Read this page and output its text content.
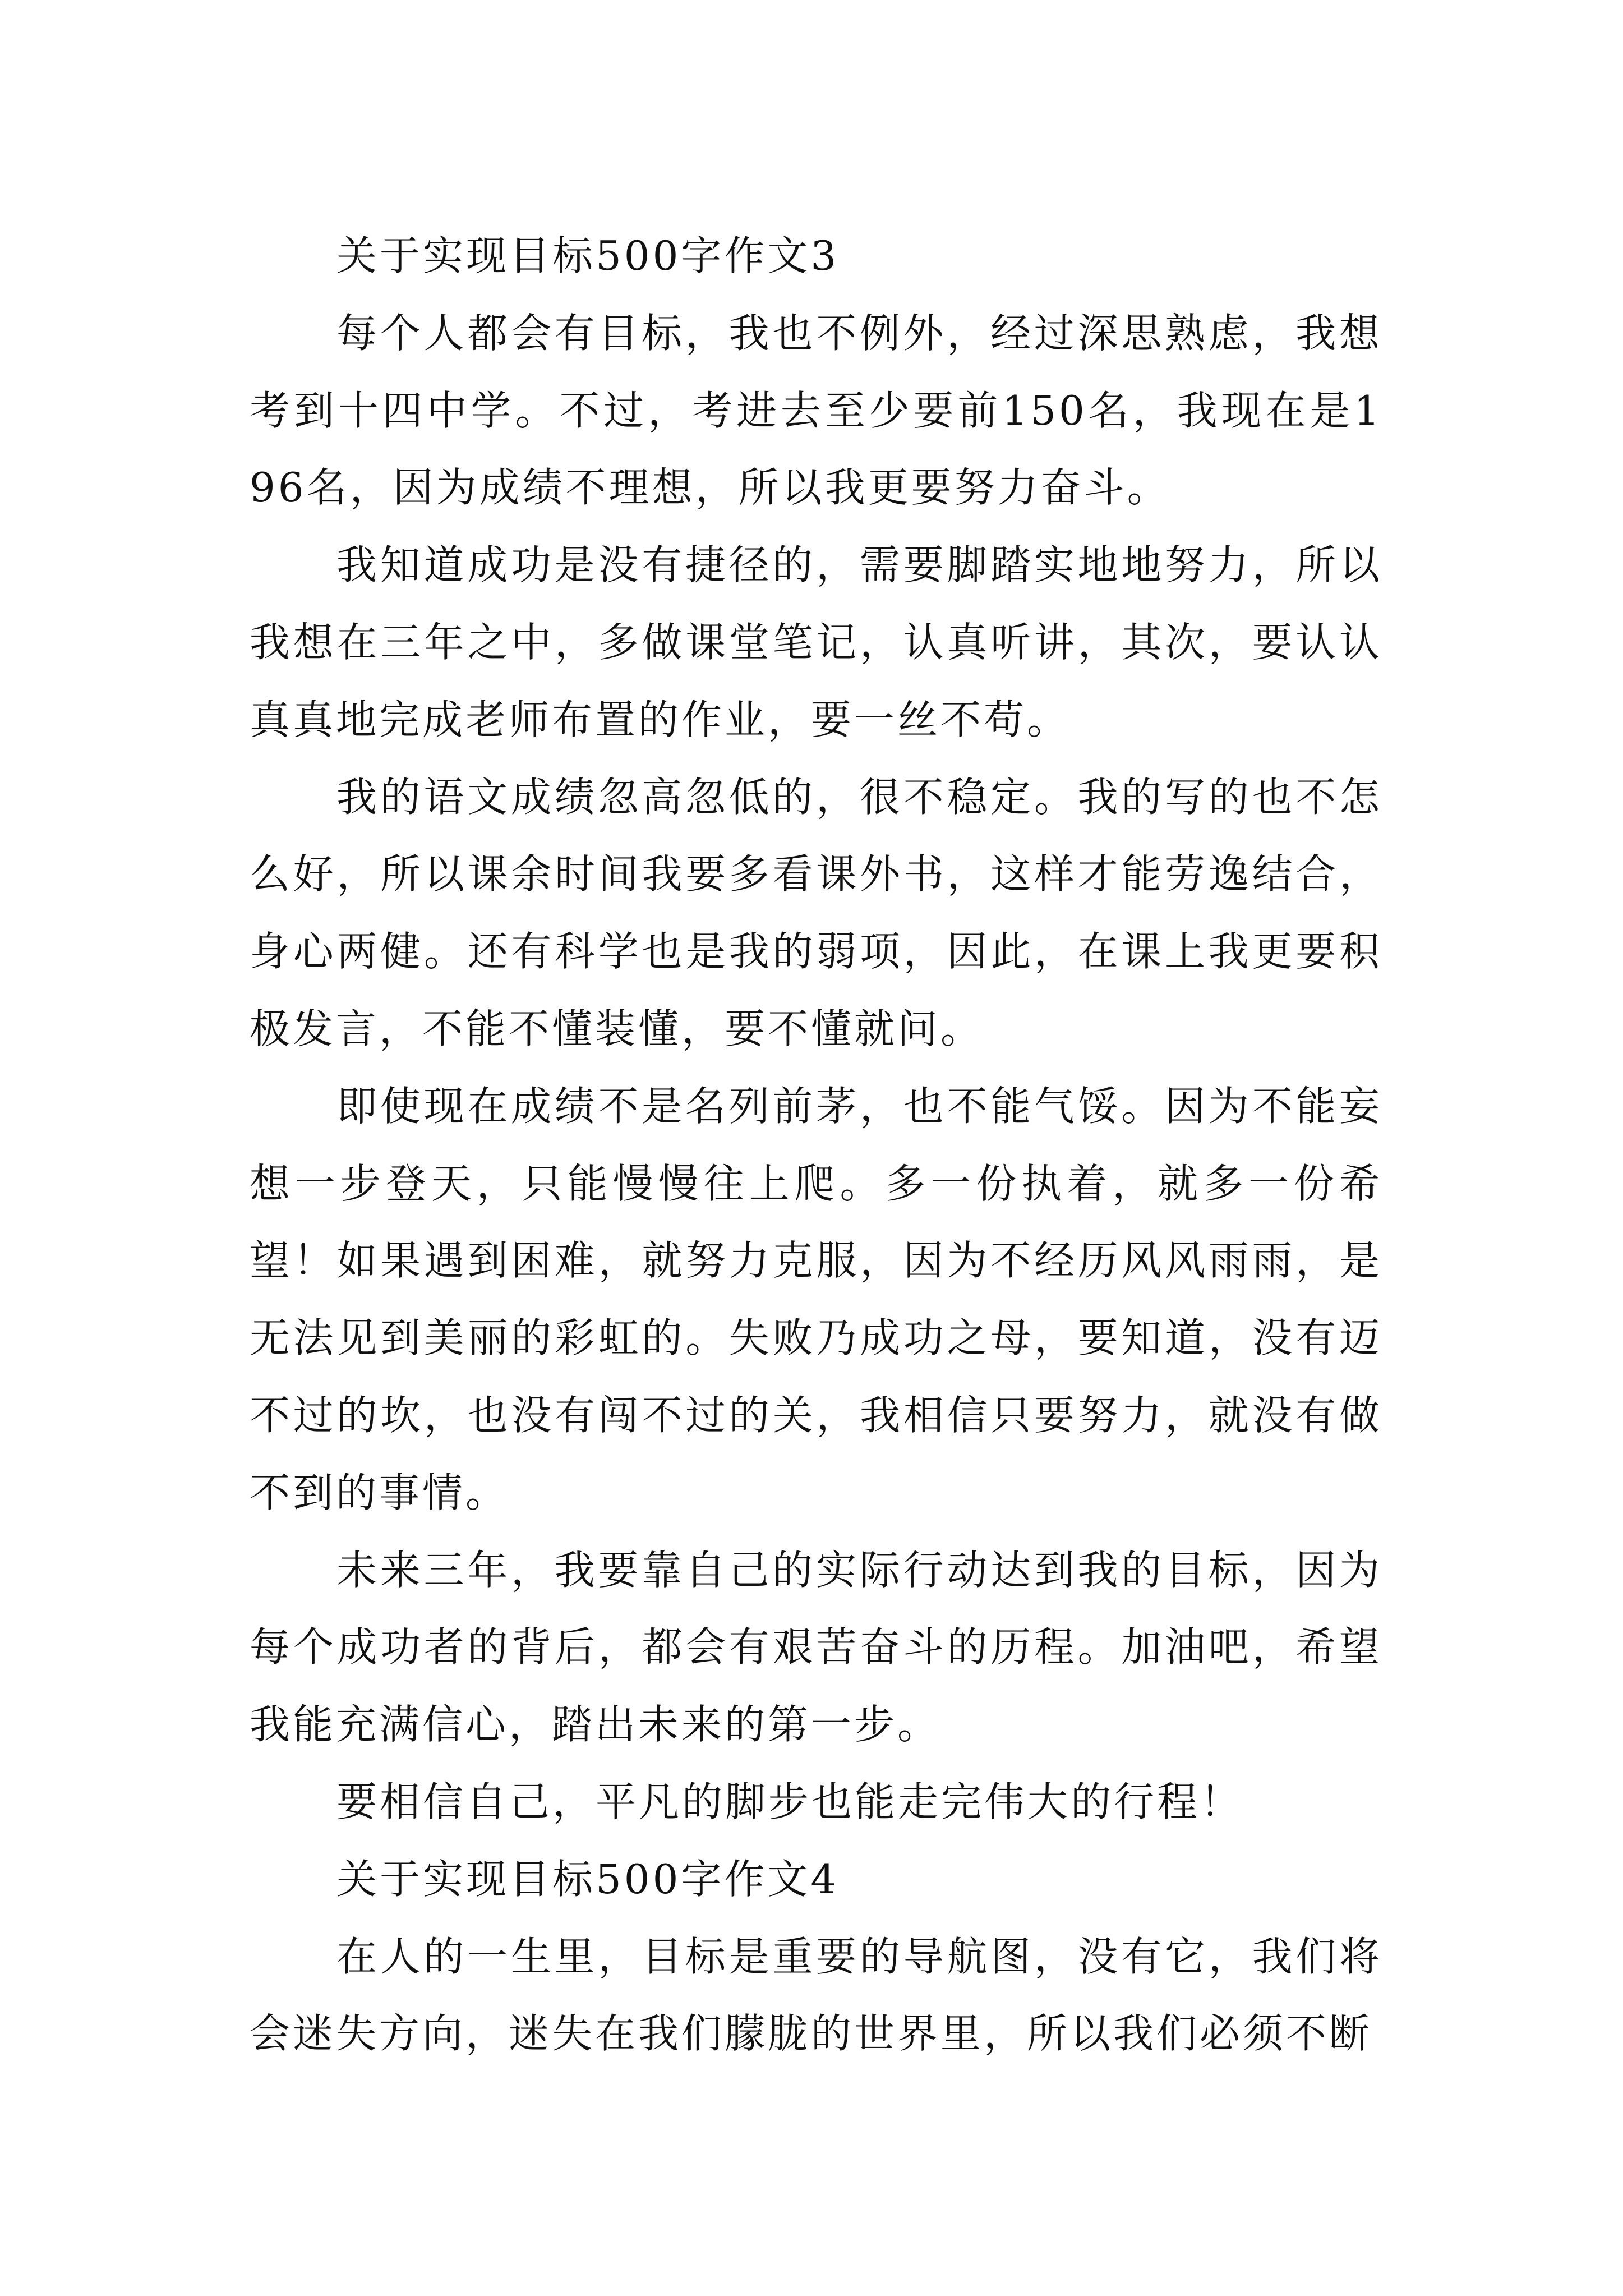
关于实现目标500字作文3

每个人都会有目标，我也不例外，经过深思熟虑，我想考到十四中学。不过，考进去至少要前150名，我现在是196名，因为成绩不理想，所以我更要努力奋斗。

我知道成功是没有捷径的，需要脚踏实地地努力，所以我想在三年之中，多做课堂笔记，认真听讲，其次，要认认真真地完成老师布置的作业，要一丝不苟。

我的语文成绩忽高忽低的，很不稳定。我的写的也不怎么好，所以课余时间我要多看课外书，这样才能劳逸结合，身心两健。还有科学也是我的弱项，因此，在课上我更要积极发言，不能不懂装懂，要不懂就问。

即使现在成绩不是名列前茅，也不能气馁。因为不能妄想一步登天，只能慢慢往上爬。多一份执着，就多一份希望！如果遇到困难，就努力克服，因为不经历风风雨雨，是无法见到美丽的彩虹的。失败乃成功之母，要知道，没有迈不过的坎，也没有闯不过的关，我相信只要努力，就没有做不到的事情。

未来三年，我要靠自己的实际行动达到我的目标，因为每个成功者的背后，都会有艰苦奋斗的历程。加油吧，希望我能充满信心，踏出未来的第一步。

要相信自己，平凡的脚步也能走完伟大的行程！

关于实现目标500字作文4

在人的一生里，目标是重要的导航图，没有它，我们将会迷失方向，迷失在我们朦胧的世界里，所以我们必须不断
